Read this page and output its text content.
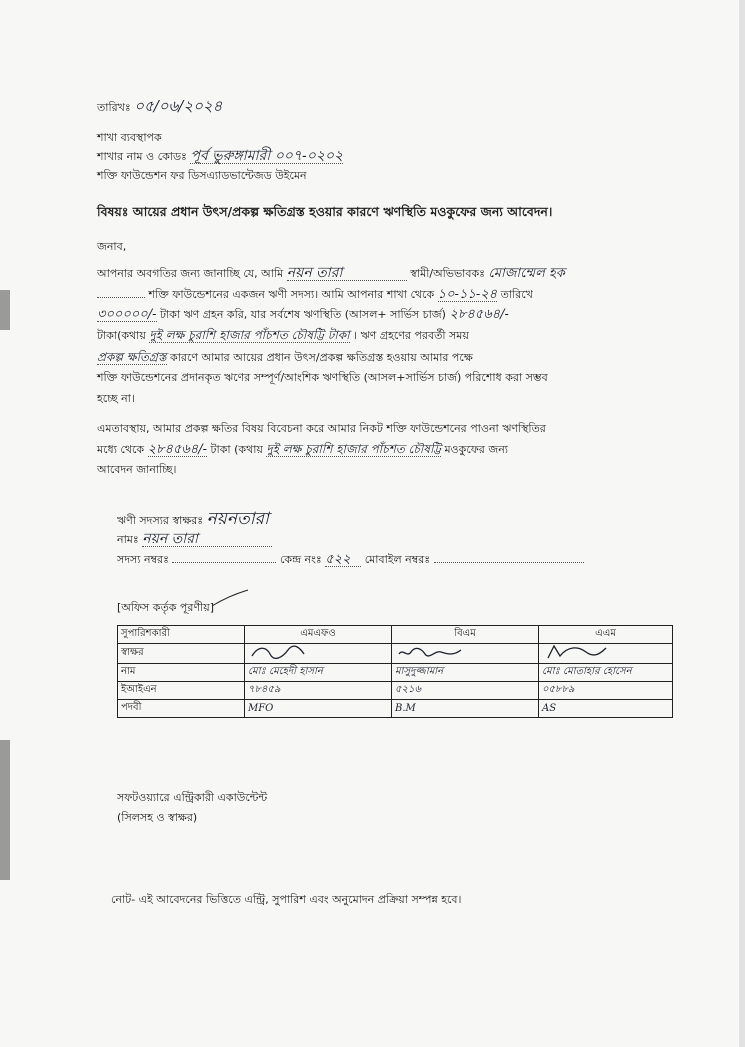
তারিখঃ ০৫/০৬/২০২৪
শাখা ব্যবস্থাপক
শাখার নাম ও কোডঃ পূর্ব ভুরুঙ্গামারী ০০৭-০২০২
শক্তি ফাউন্ডেশন ফর ডিসএ্যাডভান্টেজড উইমেন
বিষয়ঃ আয়ের প্রধান উৎস/প্রকল্প ক্ষতিগ্রস্ত হওয়ার কারণে ঋণস্থিতি মওকুফের জন্য আবেদন।
জনাব,
আপনার অবগতির জন্য জানাচ্ছি যে, আমি নয়ন তারা	স্বামী/অভিভাবকঃ মোজাম্মেল হক
শক্তি ফাউন্ডেশনের একজন ঋণী সদস্য। আমি আপনার শাখা থেকে ১০-১১-২৪ তারিখে
৩০০০০০/- টাকা ঋণ গ্রহন করি, যার সর্বশেষ ঋণস্থিতি (আসল+ সার্ভিস চার্জ) ২৮৪৫৬৪/-
টাকা(কথায় দুই লক্ষ চুরাশি হাজার পাঁচশত চৌষট্টি টাকা । ঋণ গ্রহণের পরবর্তী সময়
প্রকল্প ক্ষতিগ্রস্ত কারণে আমার আয়ের প্রধান উৎস/প্রকল্প ক্ষতিগ্রস্ত হওয়ায় আমার পক্ষে
শক্তি ফাউন্ডেশনের প্রদানকৃত ঋণের সম্পূর্ণ/আংশিক ঋণস্থিতি (আসল+সার্ভিস চার্জ) পরিশোধ করা সম্ভব
হচ্ছে না।
এমতাবস্থায়, আমার প্রকল্প ক্ষতির বিষয় বিবেচনা করে আমার নিকট শক্তি ফাউন্ডেশনের পাওনা ঋণস্থিতির
মধ্যে থেকে ২৮৪৫৬৪/- টাকা (কথায় দুই লক্ষ চুরাশি হাজার পাঁচশত চৌষট্টি মওকুফের জন্য
আবেদন জানাচ্ছি।
ঋণী সদস্যর স্বাক্ষরঃ নয়নতারা
নামঃ নয়ন তারা
সদস্য নম্বরঃ	কেন্দ্র নংঃ ৫২২ মোবাইল নম্বরঃ
[অফিস কর্তৃক পূরণীয়]
সুপারিশকারী	এমএফও	বিএম	এএম
স্বাক্ষর			
নাম	মোঃ মেহেদী হাসান	মাসুদুজ্জামান	মোঃ মোতাহার হোসেন
ইআইএন	৭৮৪৫৯	৫২১৬	০৫৮৮৯
পদবী	MFO	B.M	AS
সফটওয়্যারে এন্ট্রিকারী একাউন্টেন্ট
(সিলসহ ও স্বাক্ষর)
নোট- এই আবেদনের ভিত্তিতে এন্ট্রি, সুপারিশ এবং অনুমোদন প্রক্রিয়া সম্পন্ন হবে।
